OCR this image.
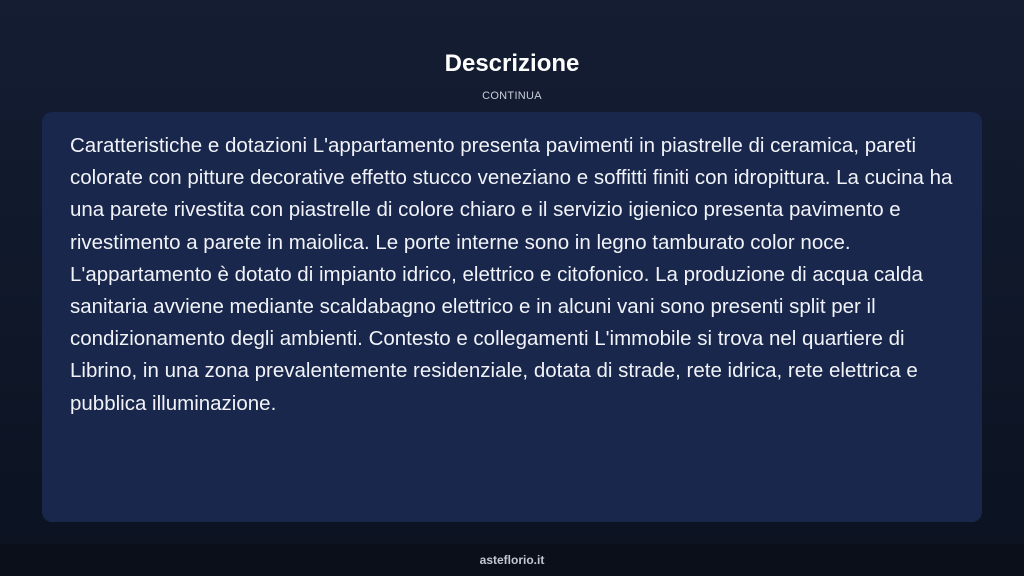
Descrizione
CONTINUA

Caratteristiche e dotazioni L'appartamento presenta pavimenti in piastrelle di ceramica, pareti colorate con pitture decorative effetto stucco veneziano e soffitti finiti con idropittura. La cucina ha una parete rivestita con piastrelle di colore chiaro e il servizio igienico presenta pavimento e rivestimento a parete in maiolica. Le porte interne sono in legno tamburato color noce. L'appartamento è dotato di impianto idrico, elettrico e citofonico. La produzione di acqua calda sanitaria avviene mediante scaldabagno elettrico e in alcuni vani sono presenti split per il condizionamento degli ambienti. Contesto e collegamenti L'immobile si trova nel quartiere di Librino, in una zona prevalentemente residenziale, dotata di strade, rete idrica, rete elettrica e pubblica illuminazione.

asteflorio.it
